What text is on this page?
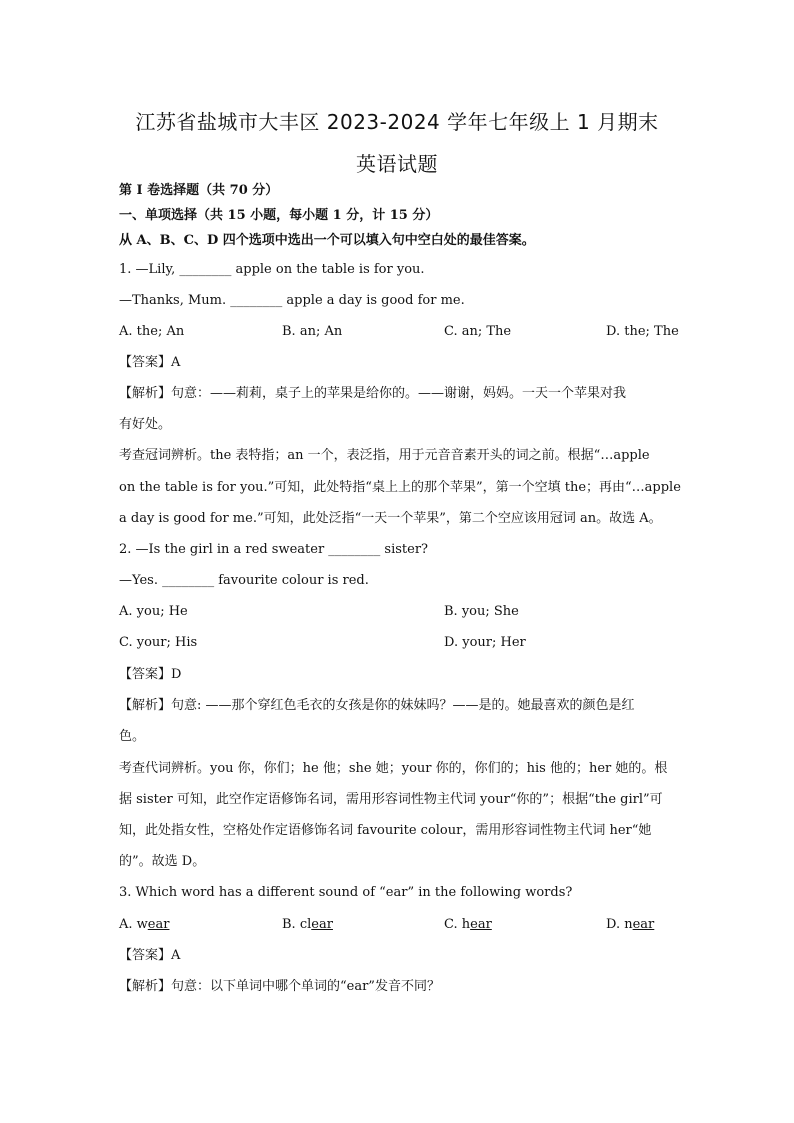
江苏省盐城市大丰区 2023-2024 学年七年级上 1 月期末
英语试题
第 I 卷选择题（共 70 分）
一、单项选择（共 15 小题，每小题 1 分，计 15 分）
从 A、B、C、D 四个选项中选出一个可以填入句中空白处的最佳答案。
1. —Lily, ________ apple on the table is for you.
—Thanks, Mum. ________ apple a day is good for me.
A. the; An	B. an; An	C. an; The	D. the; The
【答案】A
【解析】句意：——莉莉，桌子上的苹果是给你的。——谢谢，妈妈。一天一个苹果对我
有好处。
考查冠词辨析。the 表特指；an 一个，表泛指，用于元音音素开头的词之前。根据“…apple
on the table is for you.”可知，此处特指“桌上上的那个苹果”，第一个空填 the；再由“…apple
a day is good for me.”可知，此处泛指“一天一个苹果”，第二个空应该用冠词 an。故选 A。
2. —Is the girl in a red sweater ________ sister?
—Yes. ________ favourite colour is red.
A. you; He	B. you; She
C. your; His	D. your; Her
【答案】D
【解析】句意: ——那个穿红色毛衣的女孩是你的妹妹吗？——是的。她最喜欢的颜色是红
色。
考查代词辨析。you 你，你们；he 他；she 她；your 你的，你们的；his 他的；her 她的。根
据 sister 可知，此空作定语修饰名词，需用形容词性物主代词 your“你的”；根据“the girl”可
知，此处指女性，空格处作定语修饰名词 favourite colour，需用形容词性物主代词 her“她
的”。故选 D。
3. Which word has a different sound of “ear” in the following words?
A. wear	B. clear	C. hear	D. near
【答案】A
【解析】句意：以下单词中哪个单词的“ear”发音不同？
